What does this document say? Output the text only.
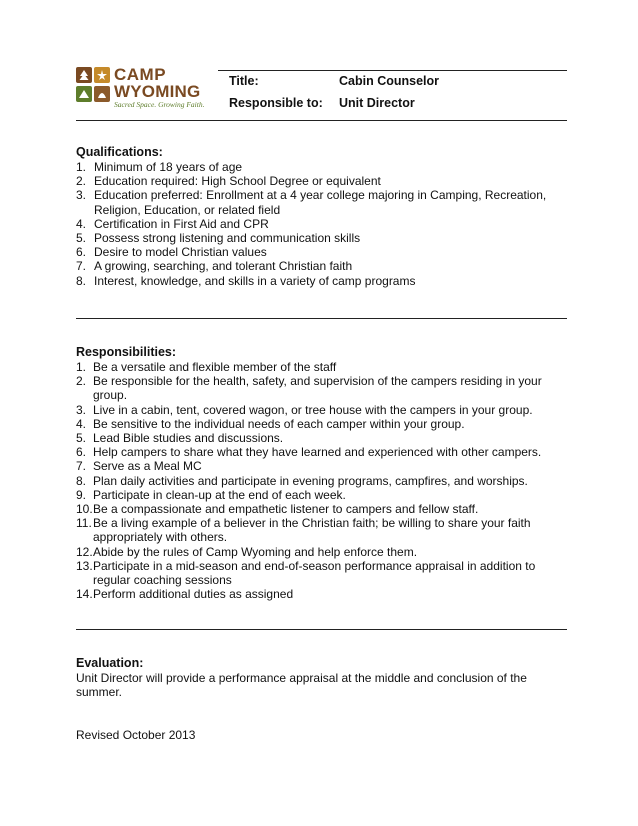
CAMP
WYOMING
Sacred Space. Growing Faith.
Title:	Cabin Counselor
Responsible to: Unit Director

Qualifications:

1. Minimum of 18 years of age
2. Education required: High School Degree or equivalent
3. Education preferred: Enrollment at a 4 year college majoring in Camping, Recreation, Religion, Education, or related field
4. Certification in First Aid and CPR
5. Possess strong listening and communication skills
6. Desire to model Christian values
7. A growing, searching, and tolerant Christian faith
8. Interest, knowledge, and skills in a variety of camp programs

Responsibilities:

1. Be a versatile and flexible member of the staff
2. Be responsible for the health, safety, and supervision of the campers residing in your group.
3. Live in a cabin, tent, covered wagon, or tree house with the campers in your group.
4. Be sensitive to the individual needs of each camper within your group.
5. Lead Bible studies and discussions.
6. Help campers to share what they have learned and experienced with other campers.
7. Serve as a Meal MC
8. Plan daily activities and participate in evening programs, campfires, and worships.
9. Participate in clean-up at the end of each week.
10. Be a compassionate and empathetic listener to campers and fellow staff.
11. Be a living example of a believer in the Christian faith; be willing to share your faith appropriately with others.
12. Abide by the rules of Camp Wyoming and help enforce them.
13. Participate in a mid-season and end-of-season performance appraisal in addition to regular coaching sessions
14. Perform additional duties as assigned

Evaluation:

Unit Director will provide a performance appraisal at the middle and conclusion of the summer.

Revised October 2013
